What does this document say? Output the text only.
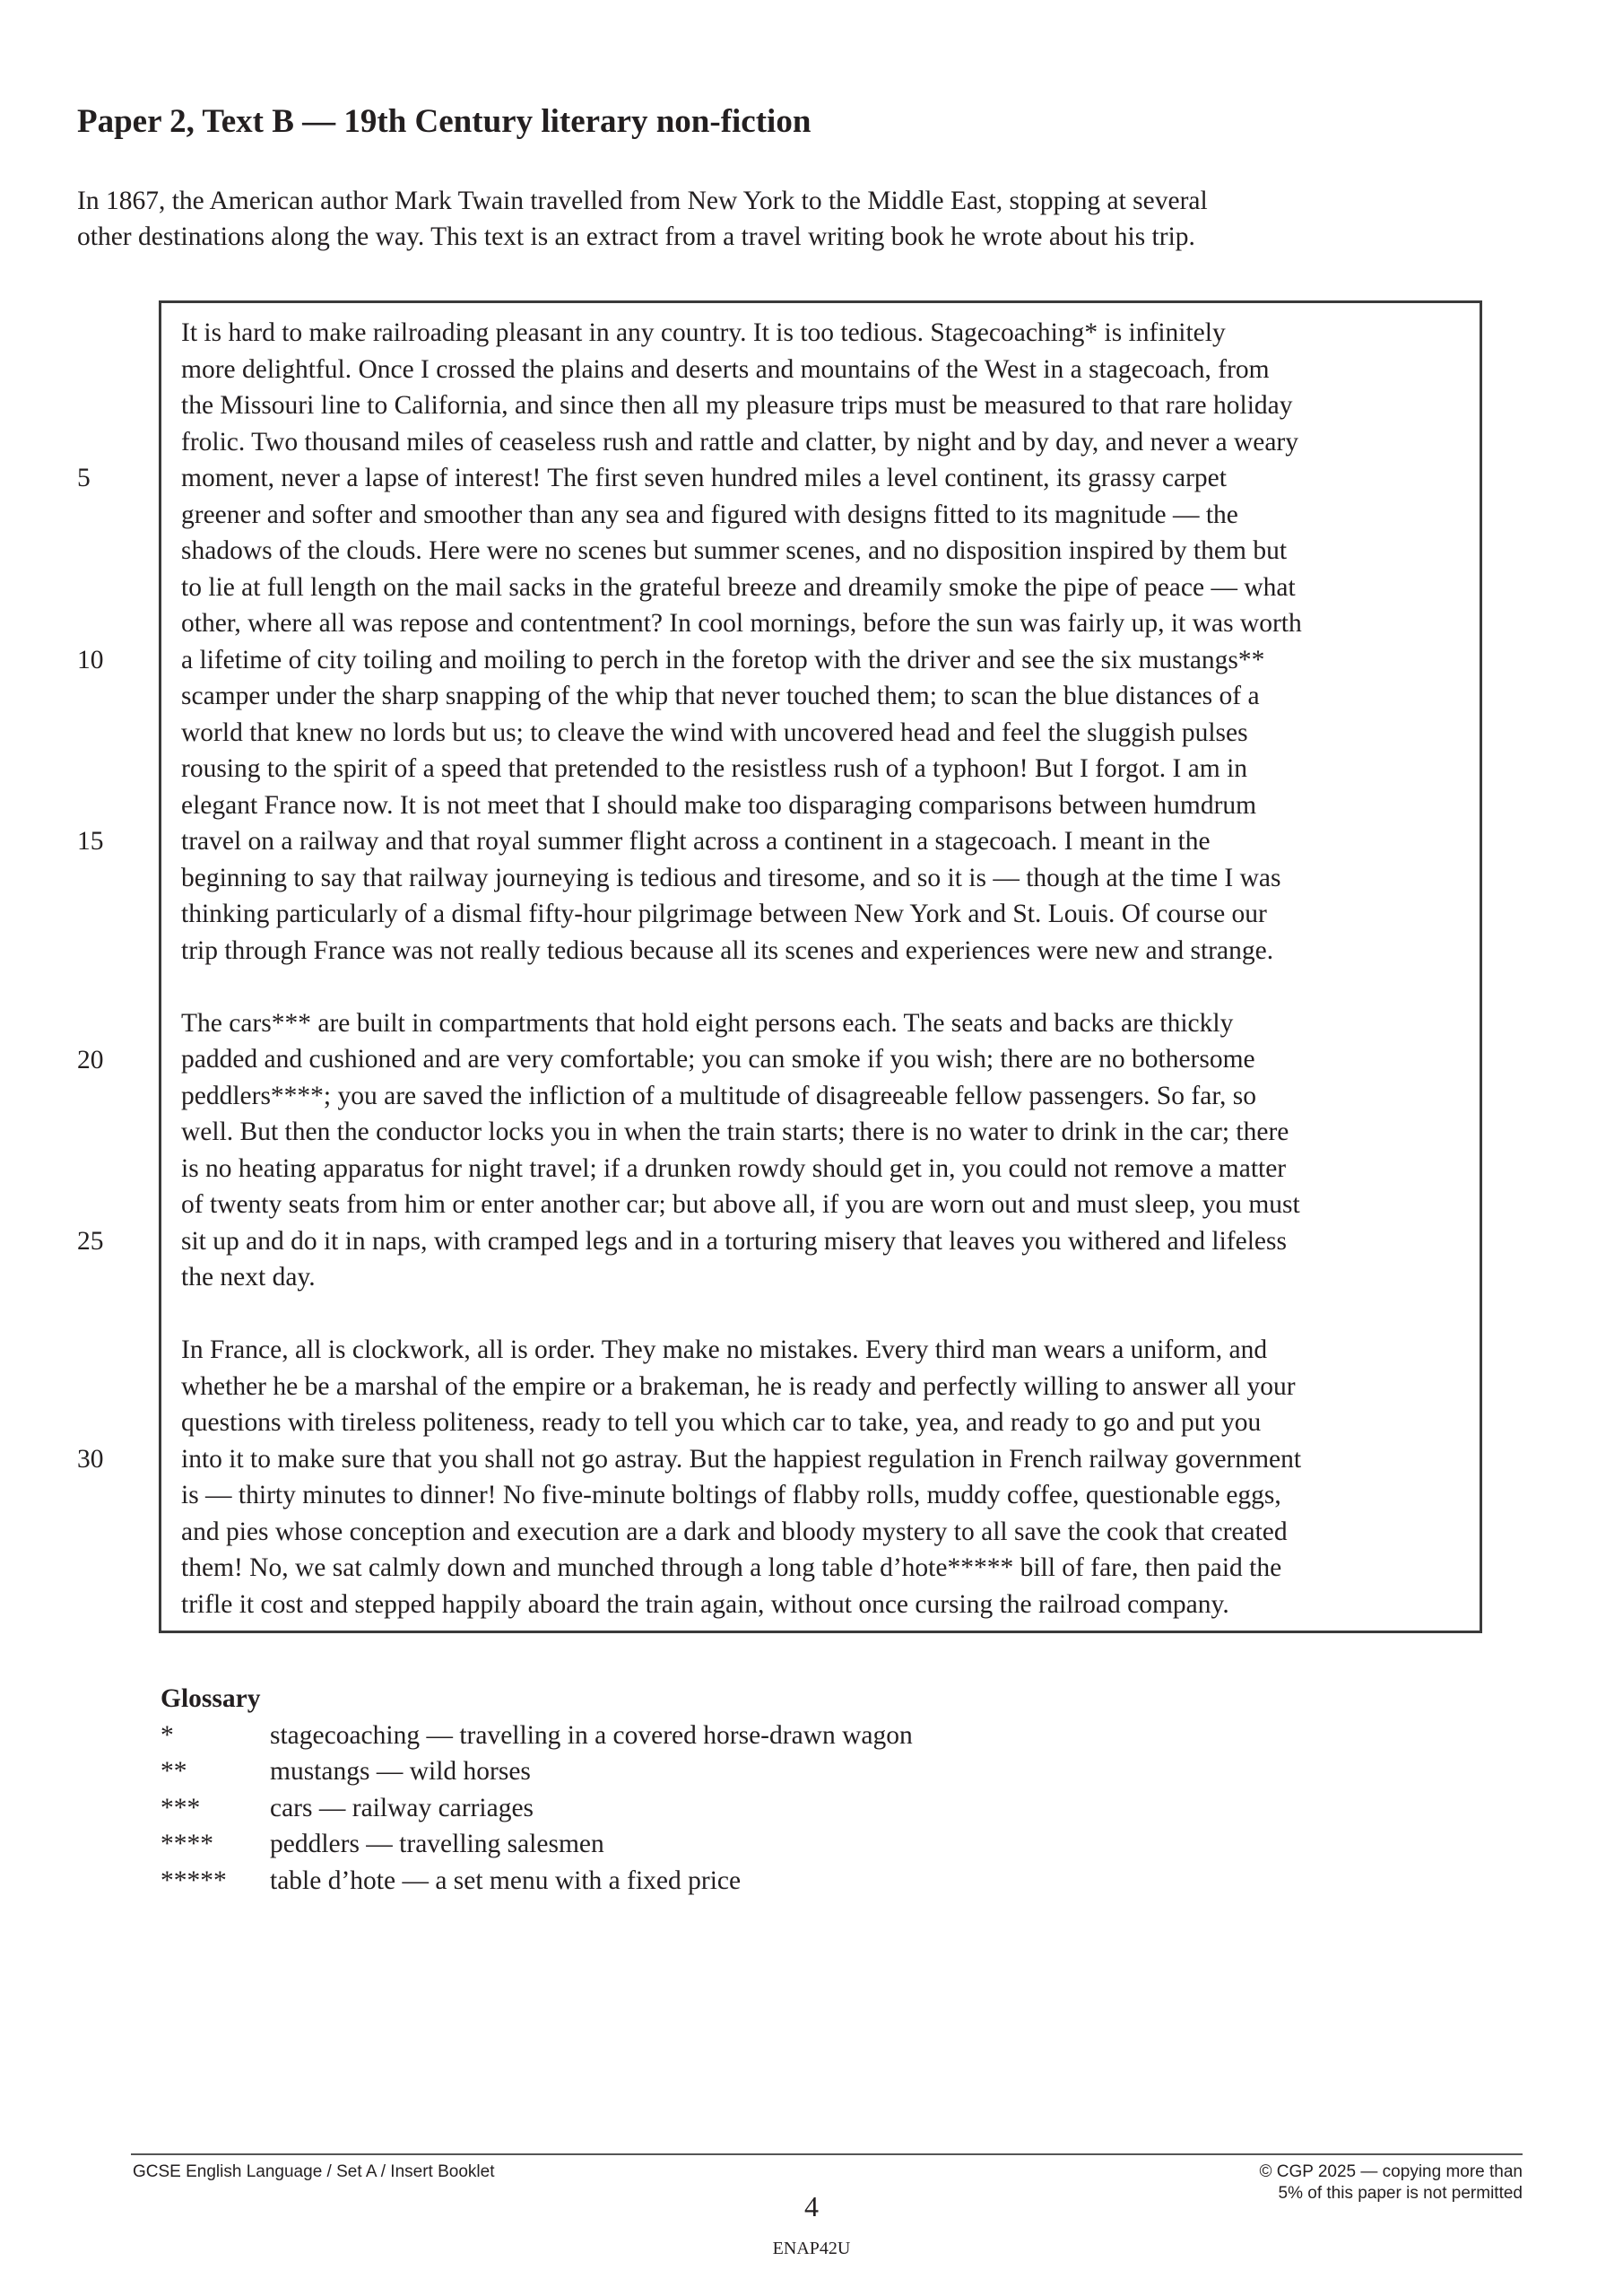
Paper 2, Text B — 19th Century literary non-fiction
In 1867, the American author Mark Twain travelled from New York to the Middle East, stopping at several
other destinations along the way. This text is an extract from a travel writing book he wrote about his trip.
It is hard to make railroading pleasant in any country. It is too tedious. Stagecoaching* is infinitely
more delightful. Once I crossed the plains and deserts and mountains of the West in a stagecoach, from
the Missouri line to California, and since then all my pleasure trips must be measured to that rare holiday
frolic. Two thousand miles of ceaseless rush and rattle and clatter, by night and by day, and never a weary
moment, never a lapse of interest! The first seven hundred miles a level continent, its grassy carpet
greener and softer and smoother than any sea and figured with designs fitted to its magnitude — the
shadows of the clouds. Here were no scenes but summer scenes, and no disposition inspired by them but
to lie at full length on the mail sacks in the grateful breeze and dreamily smoke the pipe of peace — what
other, where all was repose and contentment? In cool mornings, before the sun was fairly up, it was worth
a lifetime of city toiling and moiling to perch in the foretop with the driver and see the six mustangs**
scamper under the sharp snapping of the whip that never touched them; to scan the blue distances of a
world that knew no lords but us; to cleave the wind with uncovered head and feel the sluggish pulses
rousing to the spirit of a speed that pretended to the resistless rush of a typhoon! But I forgot. I am in
elegant France now. It is not meet that I should make too disparaging comparisons between humdrum
travel on a railway and that royal summer flight across a continent in a stagecoach. I meant in the
beginning to say that railway journeying is tedious and tiresome, and so it is — though at the time I was
thinking particularly of a dismal fifty-hour pilgrimage between New York and St. Louis. Of course our
trip through France was not really tedious because all its scenes and experiences were new and strange.
The cars*** are built in compartments that hold eight persons each. The seats and backs are thickly
padded and cushioned and are very comfortable; you can smoke if you wish; there are no bothersome
peddlers****; you are saved the infliction of a multitude of disagreeable fellow passengers. So far, so
well. But then the conductor locks you in when the train starts; there is no water to drink in the car; there
is no heating apparatus for night travel; if a drunken rowdy should get in, you could not remove a matter
of twenty seats from him or enter another car; but above all, if you are worn out and must sleep, you must
sit up and do it in naps, with cramped legs and in a torturing misery that leaves you withered and lifeless
the next day.
In France, all is clockwork, all is order. They make no mistakes. Every third man wears a uniform, and
whether he be a marshal of the empire or a brakeman, he is ready and perfectly willing to answer all your
questions with tireless politeness, ready to tell you which car to take, yea, and ready to go and put you
into it to make sure that you shall not go astray. But the happiest regulation in French railway government
is — thirty minutes to dinner! No five-minute boltings of flabby rolls, muddy coffee, questionable eggs,
and pies whose conception and execution are a dark and bloody mystery to all save the cook that created
them! No, we sat calmly down and munched through a long table d’hote***** bill of fare, then paid the
trifle it cost and stepped happily aboard the train again, without once cursing the railroad company.
5
10
15
20
25
30
Glossary
*	stagecoaching — travelling in a covered horse-drawn wagon
**	mustangs — wild horses
***	cars — railway carriages
****	peddlers — travelling salesmen
*****	table d’hote — a set menu with a fixed price
GCSE English Language / Set A / Insert Booklet	© CGP 2025 — copying more than
5% of this paper is not permitted
4
ENAP42U
